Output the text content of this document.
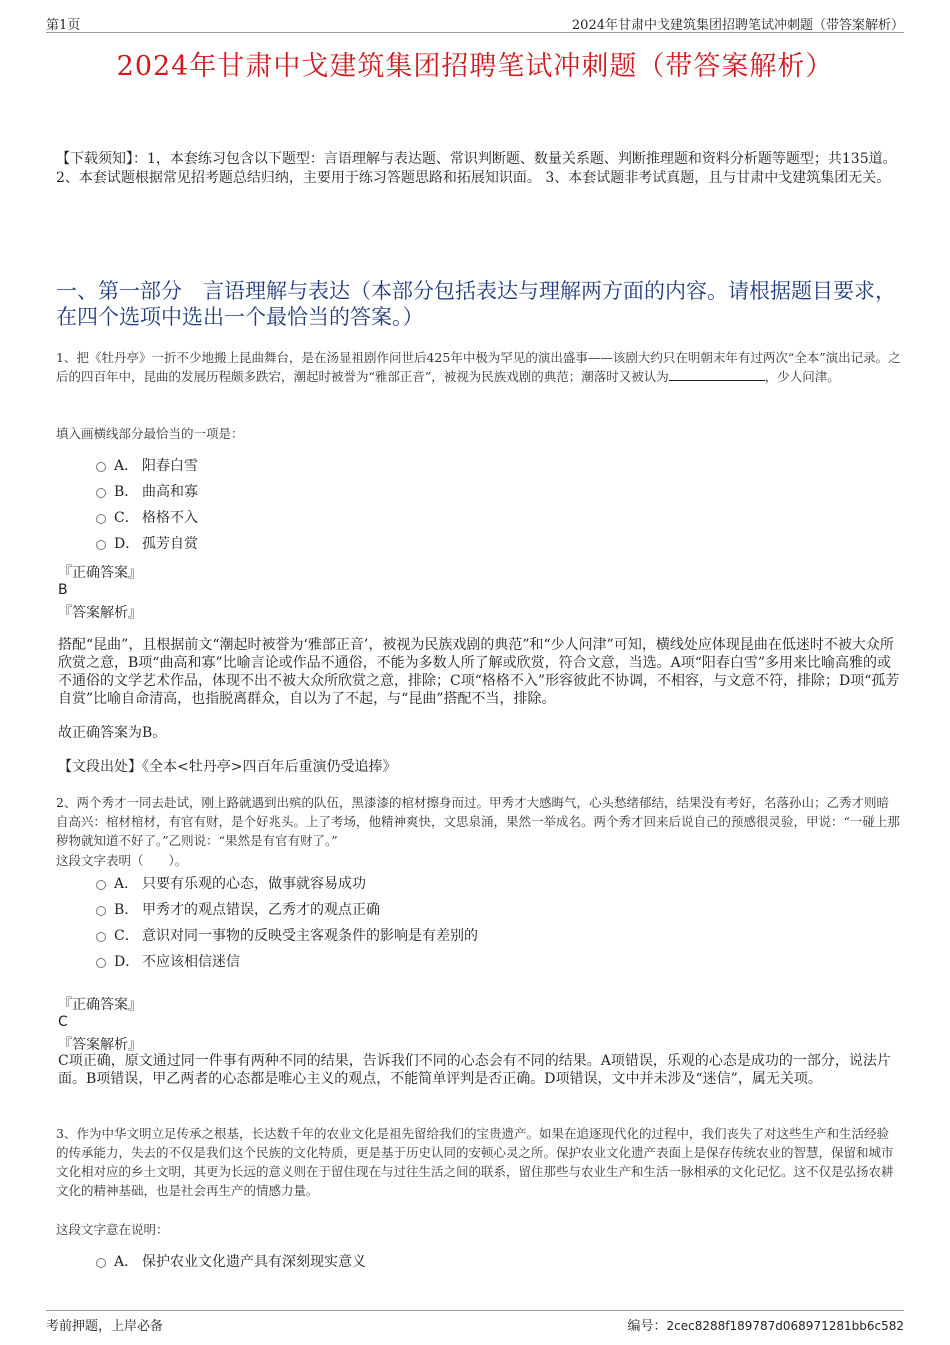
第1页	2024年甘肃中戈建筑集团招聘笔试冲刺题（带答案解析）
2024年甘肃中戈建筑集团招聘笔试冲刺题（带答案解析）
【下载须知】：1，本套练习包含以下题型：言语理解与表达题、常识判断题、数量关系题、判断推理题和资料分析题等题型；共135道。 2、本套试题根据常见招考题总结归纳，主要用于练习答题思路和拓展知识面。 3、本套试题非考试真题，且与甘肃中戈建筑集团无关。
一、第一部分　言语理解与表达（本部分包括表达与理解两方面的内容。请根据题目要求，在四个选项中选出一个最恰当的答案。）
1、把《牡丹亭》一折不少地搬上昆曲舞台，是在汤显祖剧作问世后425年中极为罕见的演出盛事——该剧大约只在明朝末年有过两次“全本”演出记录。之后的四百年中，昆曲的发展历程颇多跌宕，潮起时被誉为“雅部正音”，被视为民族戏剧的典范；潮落时又被认为	，少人问津。
填入画横线部分最恰当的一项是：
A． 阳春白雪
B． 曲高和寡
C． 格格不入
D． 孤芳自赏
『正确答案』
B
『答案解析』
搭配“昆曲”，且根据前文“潮起时被誉为‘雅部正音’，被视为民族戏剧的典范”和“少人问津”可知，横线处应体现昆曲在低迷时不被大众所欣赏之意，B项“曲高和寡”比喻言论或作品不通俗，不能为多数人所了解或欣赏，符合文意，当选。A项“阳春白雪”多用来比喻高雅的或不通俗的文学艺术作品，体现不出不被大众所欣赏之意，排除；C项“格格不入”形容彼此不协调，不相容，与文意不符，排除；D项“孤芳自赏”比喻自命清高，也指脱离群众，自以为了不起，与“昆曲”搭配不当，排除。
故正确答案为B。
【文段出处】《全本<牡丹亭>四百年后重演仍受追捧》
2、两个秀才一同去赴试，刚上路就遇到出殡的队伍，黑漆漆的棺材擦身而过。甲秀才大感晦气，心头愁绪郁结，结果没有考好，名落孙山；乙秀才则暗自高兴：棺材棺材，有官有财，是个好兆头。上了考场，他精神爽快，文思泉涌，果然一举成名。两个秀才回来后说自己的预感很灵验，甲说：“一碰上那秽物就知道不好了。”乙则说：“果然是有官有财了。”
这段文字表明（　　）。
A． 只要有乐观的心态，做事就容易成功
B． 甲秀才的观点错误，乙秀才的观点正确
C． 意识对同一事物的反映受主客观条件的影响是有差别的
D． 不应该相信迷信
『正确答案』
C
『答案解析』
C项正确，原文通过同一件事有两种不同的结果，告诉我们不同的心态会有不同的结果。A项错误，乐观的心态是成功的一部分，说法片面。B项错误，甲乙两者的心态都是唯心主义的观点，不能简单评判是否正确。D项错误，文中并未涉及“迷信”，属无关项。
3、作为中华文明立足传承之根基，长达数千年的农业文化是祖先留给我们的宝贵遗产。如果在追逐现代化的过程中，我们丧失了对这些生产和生活经验的传承能力，失去的不仅是我们这个民族的文化特质，更是基于历史认同的安顿心灵之所。保护农业文化遗产表面上是保存传统农业的智慧，保留和城市文化相对应的乡土文明，其更为长远的意义则在于留住现在与过往生活之间的联系，留住那些与农业生产和生活一脉相承的文化记忆。这不仅是弘扬农耕文化的精神基础，也是社会再生产的情感力量。
这段文字意在说明：
A． 保护农业文化遗产具有深刻现实意义
考前押题，上岸必备	编号：2cec8288f189787d068971281bb6c582
